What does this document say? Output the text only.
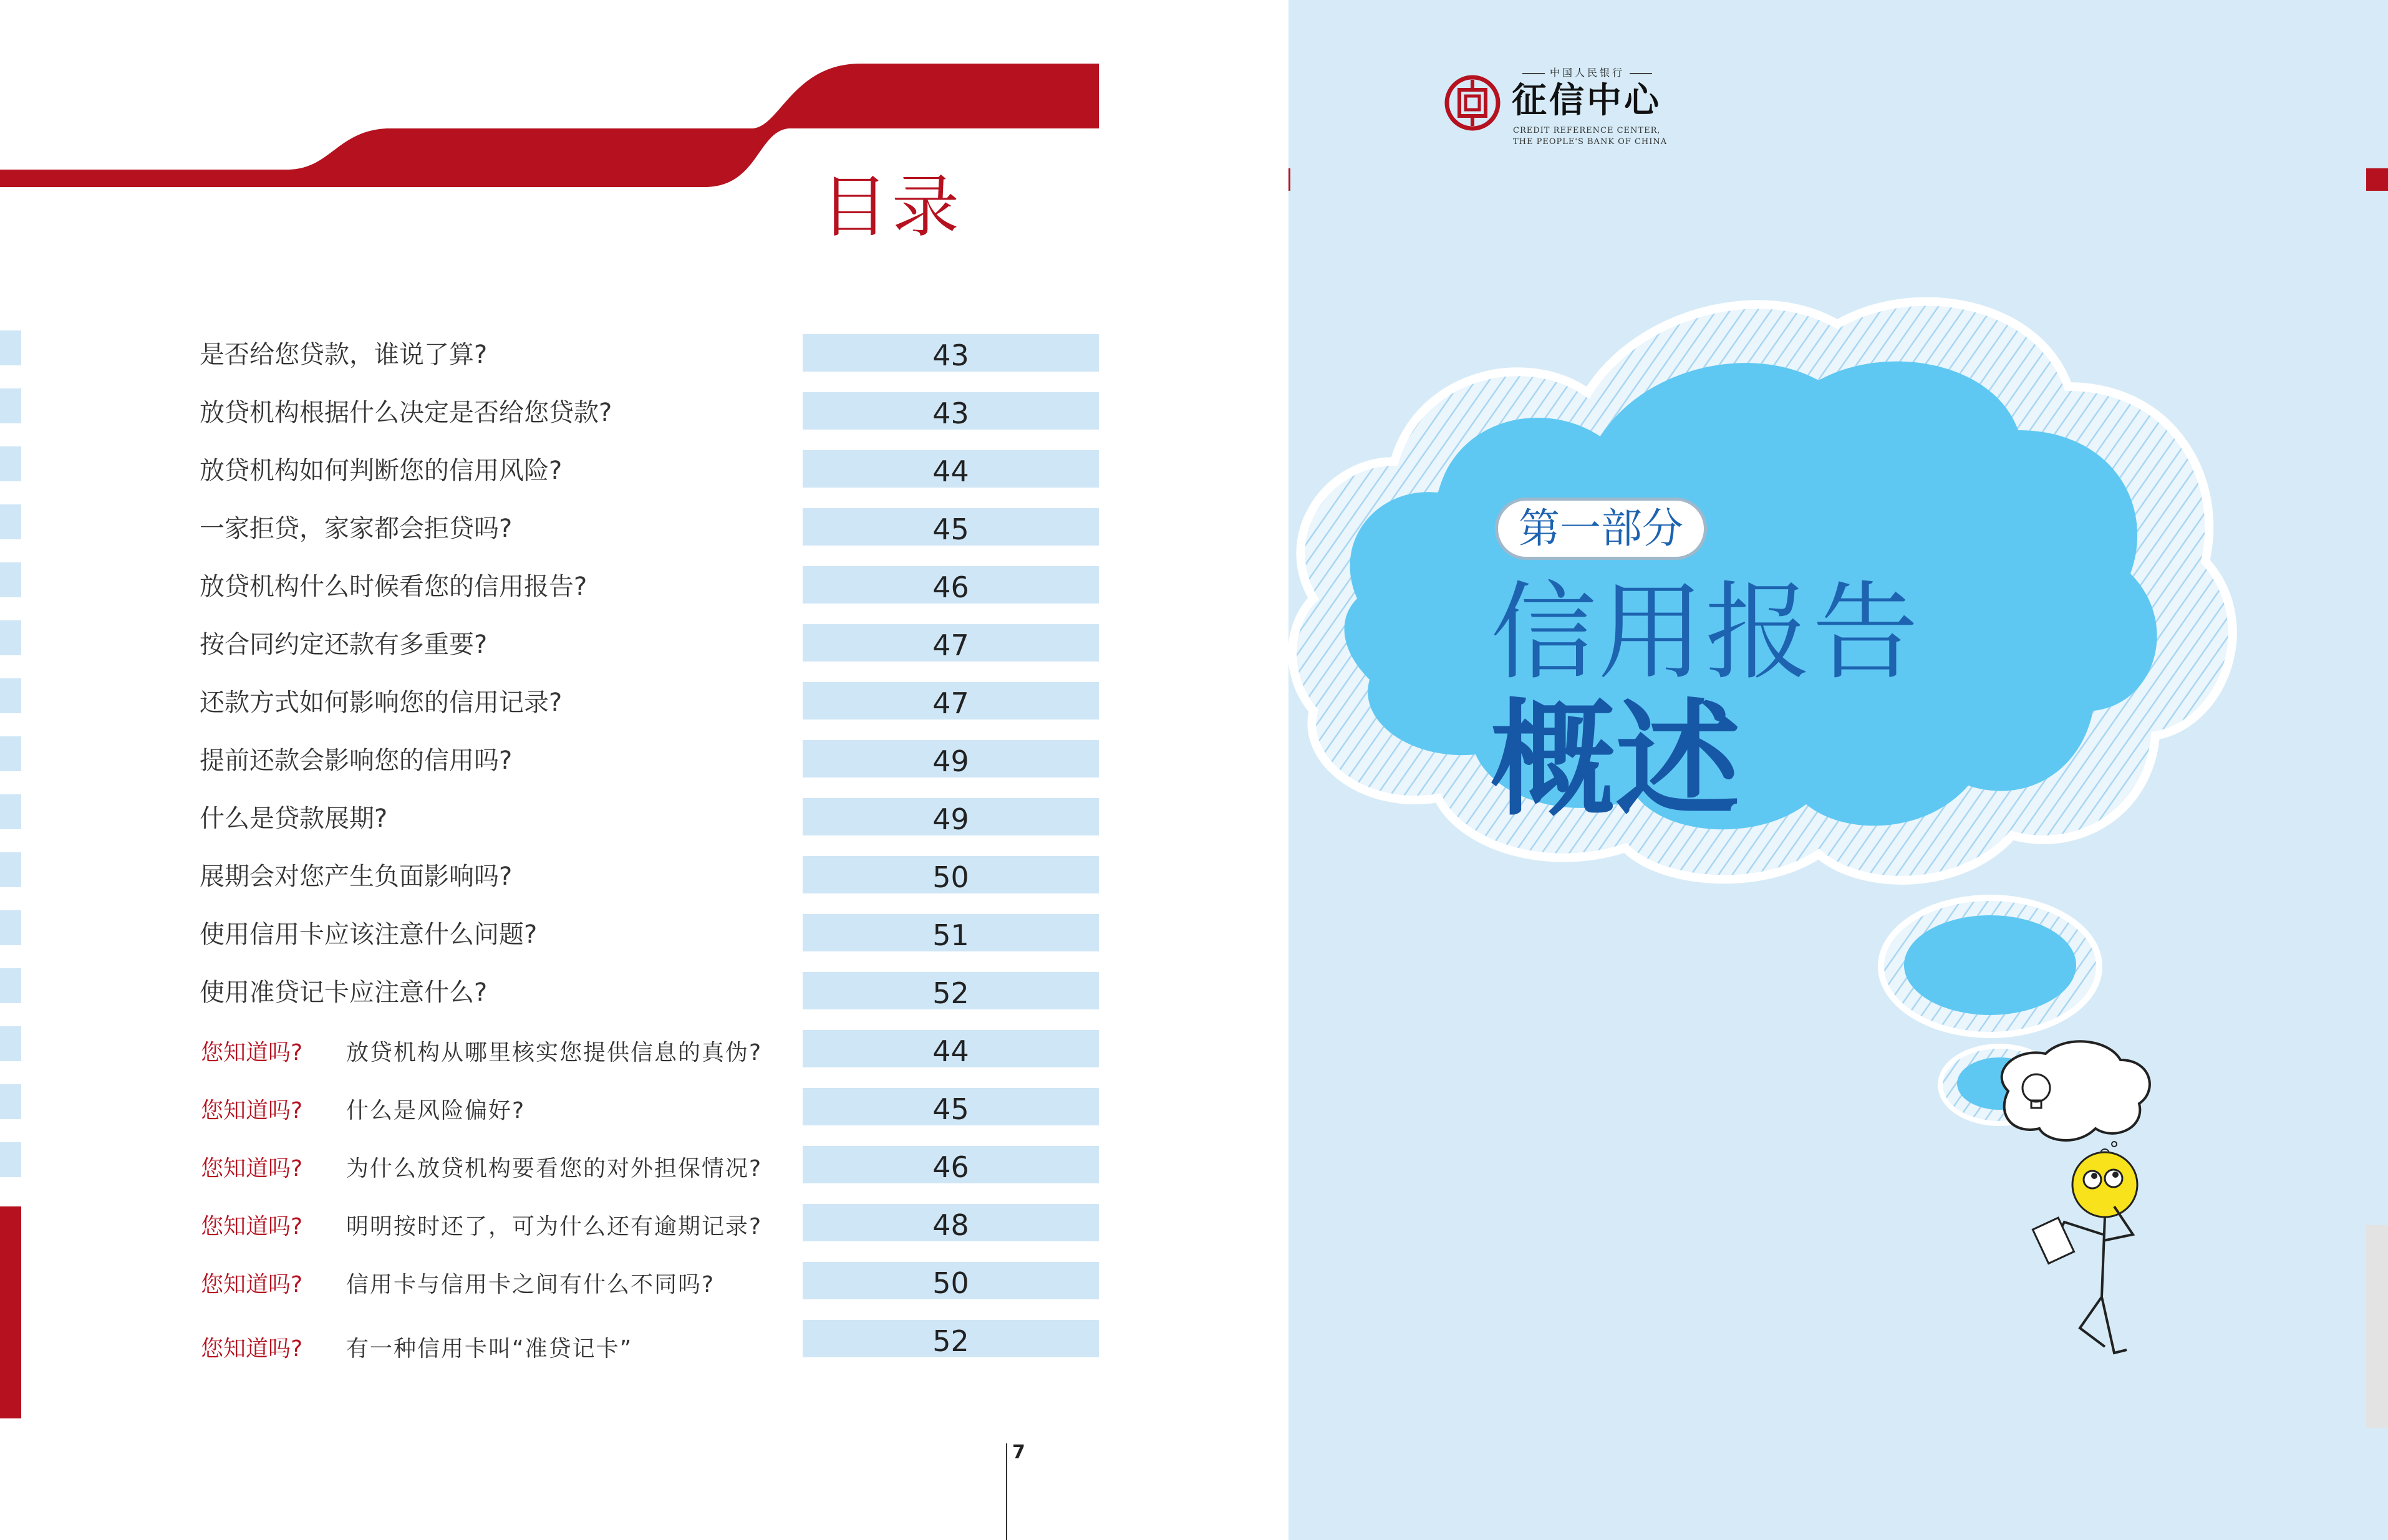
目录
是否给您贷款，谁说了算?	43
放贷机构根据什么决定是否给您贷款?	43
放贷机构如何判断您的信用风险?	44
一家拒贷，家家都会拒贷吗?	45
放贷机构什么时候看您的信用报告?	46
按合同约定还款有多重要?	47
还款方式如何影响您的信用记录?	47
提前还款会影响您的信用吗?	49
什么是贷款展期?	49
展期会对您产生负面影响吗?	50
使用信用卡应该注意什么问题?	51
使用准贷记卡应注意什么?	52
您知道吗? 放贷机构从哪里核实您提供信息的真伪?	44
您知道吗? 什么是风险偏好?	45
您知道吗? 为什么放贷机构要看您的对外担保情况?	46
您知道吗? 明明按时还了，可为什么还有逾期记录?	48
您知道吗? 信用卡与信用卡之间有什么不同吗?	50
您知道吗? 有一种信用卡叫“准贷记卡”	52
7
中国人民银行
征信中心
CREDIT REFERENCE CENTER,
THE PEOPLE'S BANK OF CHINA
第一部分
信用报告
概述
